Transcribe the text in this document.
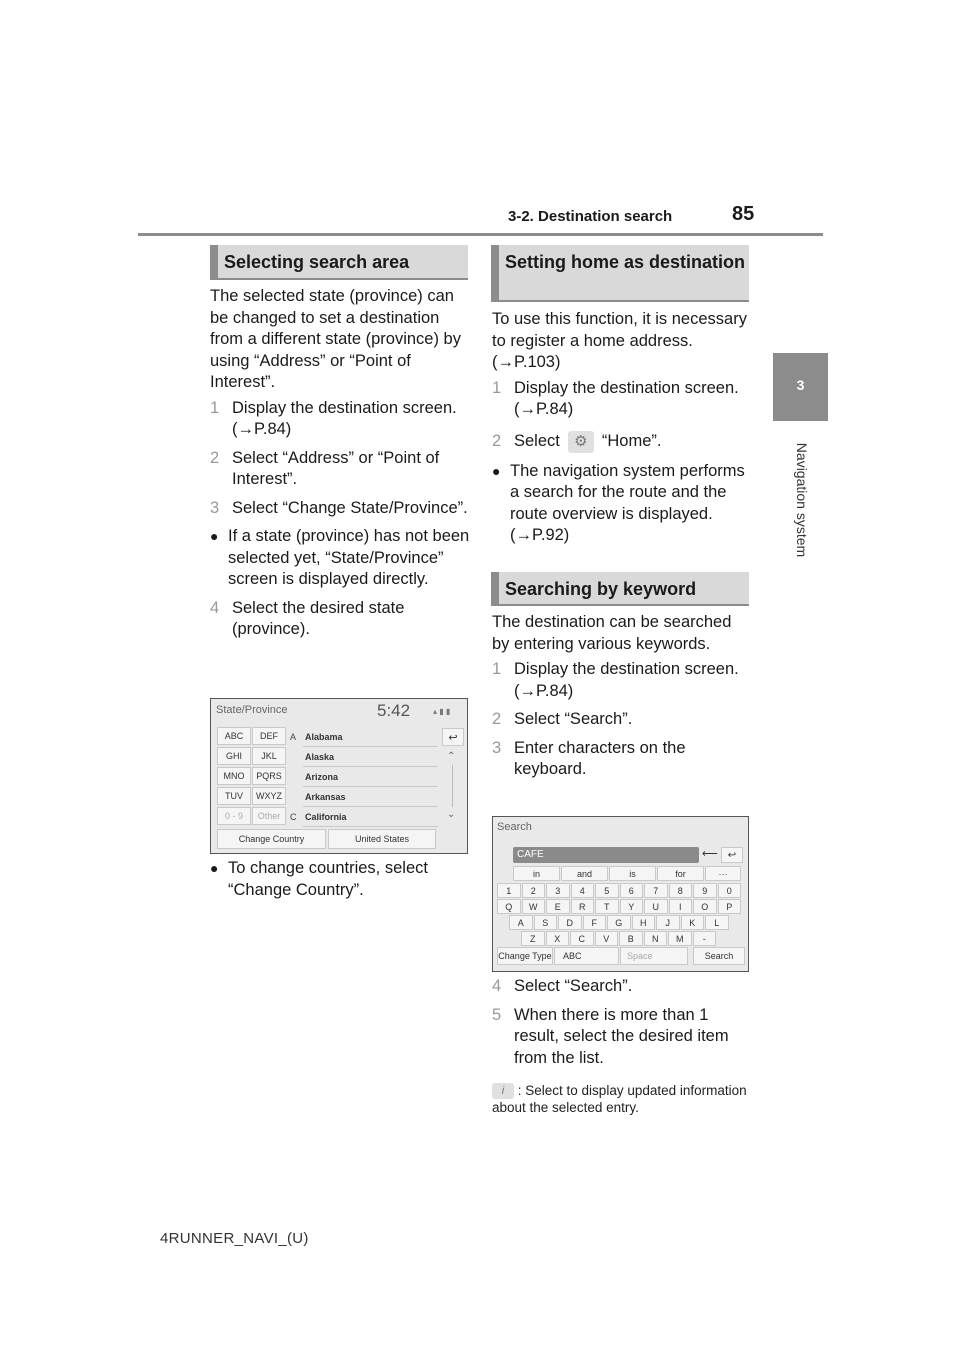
3-2. Destination search	85
3
Navigation system
Selecting search area

The selected state (province) can be changed to set a destination from a different state (province) by using “Address” or “Point of Interest”.

1 Display the destination screen. (→P.84)
2 Select “Address” or “Point of Interest”.
3 Select “Change State/Province”.
● If a state (province) has not been selected yet, “State/Province” screen is displayed directly.
4 Select the desired state (province).
State/Province	5:42	▴ ▮ ▮
ABC	DEF
GHI	JKL
MNO	PQRS
TUV	WXYZ
0 - 9	Other
A
C
Alabama
Alaska
Arizona
Arkansas
California
↩
⌃
⌄
Change Country	United States
● To change countries, select “Change Country”.
Setting home as destination

To use this function, it is necessary to register a home address. (→P.103)

1 Display the destination screen. (→P.84)
2 Select ⚙ “Home”.
● The navigation system performs a search for the route and the route overview is displayed. (→P.92)
Searching by keyword

The destination can be searched by entering various keywords.

1 Display the destination screen. (→P.84)
2 Select “Search”.
3 Enter characters on the keyboard.
Search
CAFE	⟵	↩
in	and	is	for	···
1	2	3	4	5	6	7	8	9	0
Q	W	E	R	T	Y	U	I	O	P
A	S	D	F	G	H	J	K	L
Z	X	C	V	B	N	M	-
Change Type	ABC	Space	Search
4 Select “Search”.
5 When there is more than 1 result, select the desired item from the list.
i : Select to display updated information about the selected entry.
4RUNNER_NAVI_(U)
